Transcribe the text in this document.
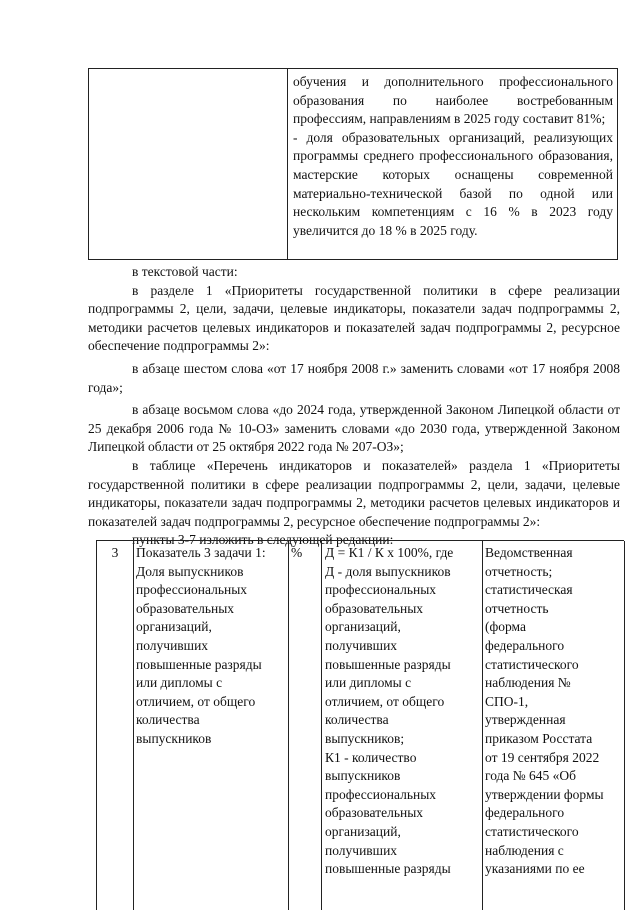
обучения и дополнительного профессионального образования по наиболее востребованным профессиям, направлениям в 2025 году составит 81%;

- доля образовательных организаций, реализующих программы среднего профессионального образования, мастерские которых оснащены современной материально-технической базой по одной или нескольким компетенциям с 16 % в 2023 году увеличится до 18 % в 2025 году.

в текстовой части:

в разделе 1 «Приоритеты государственной политики в сфере реализации подпрограммы 2, цели, задачи, целевые индикаторы, показатели задач подпрограммы 2, методики расчетов целевых индикаторов и показателей задач подпрограммы 2, ресурсное обеспечение подпрограммы 2»:

в абзаце шестом слова «от 17 ноября 2008 г.» заменить словами «от 17 ноября 2008 года»;

в абзаце восьмом слова «до 2024 года, утвержденной Законом Липецкой области от 25 декабря 2006 года № 10-ОЗ» заменить словами «до 2030 года, утвержденной Законом Липецкой области от 25 октября 2022 года № 207-ОЗ»;

в таблице «Перечень индикаторов и показателей» раздела 1 «Приоритеты государственной политики в сфере реализации подпрограммы 2, цели, задачи, целевые индикаторы, показатели задач подпрограммы 2, методики расчетов целевых индикаторов и показателей задач подпрограммы 2, ресурсное обеспечение подпрограммы 2»:

пункты 3-7 изложить в следующей редакции:

3	Показатель 3 задачи 1:
Доля выпускников
профессиональных
образовательных
организаций,
получивших
повышенные разряды
или дипломы с
отличием, от общего
количества
выпускников
%	Д = К1 / К х 100%, где
Д - доля выпускников
профессиональных
образовательных
организаций,
получивших
повышенные разряды
или дипломы с
отличием, от общего
количества
выпускников;
К1 - количество
выпускников
профессиональных
образовательных
организаций,
получивших
повышенные разряды
Ведомственная
отчетность;
статистическая
отчетность
(форма
федерального
статистического
наблюдения №
СПО-1,
утвержденная
приказом Росстата
от 19 сентября 2022
года № 645 «Об
утверждении формы
федерального
статистического
наблюдения с
указаниями по ее
